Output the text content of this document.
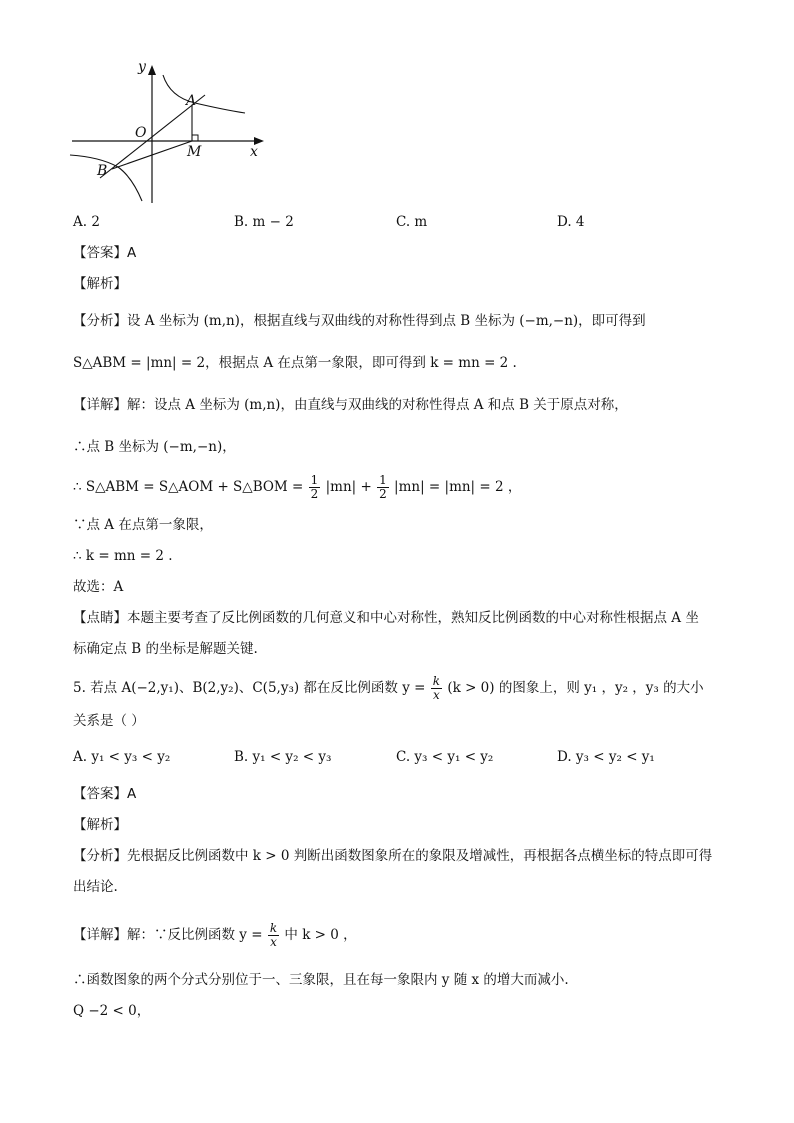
y
x
O
A
M
B
A. 2	B. m − 2	C. m	D. 4
【答案】A
【解析】
【分析】设 A 坐标为 (m,n)，根据直线与双曲线的对称性得到点 B 坐标为 (−m,−n)，即可得到
S△ABM = |mn| = 2，根据点 A 在点第一象限，即可得到 k = mn = 2 .
【详解】解：设点 A 坐标为 (m,n)，由直线与双曲线的对称性得点 A 和点 B 关于原点对称，
∴点 B 坐标为 (−m,−n)，
∴ S△ABM = S△AOM + S△BOM = $\frac{1}{2} |mn| + \frac{1}{2} |mn| = |mn| = 2$ ，
∵点 A 在点第一象限，
∴ k = mn = 2 .
故选：A
【点睛】本题主要考查了反比例函数的几何意义和中心对称性，熟知反比例函数的中心对称性根据点 A 坐
标确定点 B 的坐标是解题关键.
5. 若点 A(−2,y₁)、B(2,y₂)、C(5,y₃) 都在反比例函数 $y = \frac{k}{x} (k > 0)$ 的图象上，则 y₁ ，y₂ ，y₃ 的大小
关系是（ ）
A. y₁ < y₃ < y₂	B. y₁ < y₂ < y₃	C. y₃ < y₁ < y₂	D. y₃ < y₂ < y₁
【答案】A
【解析】
【分析】先根据反比例函数中 k > 0 判断出函数图象所在的象限及增减性，再根据各点横坐标的特点即可得
出结论.
【详解】解：∵反比例函数 $y = \frac{k}{x}$ 中 k > 0 ，
∴函数图象的两个分式分别位于一、三象限，且在每一象限内 y 随 x 的增大而减小.
Q −2 < 0，
